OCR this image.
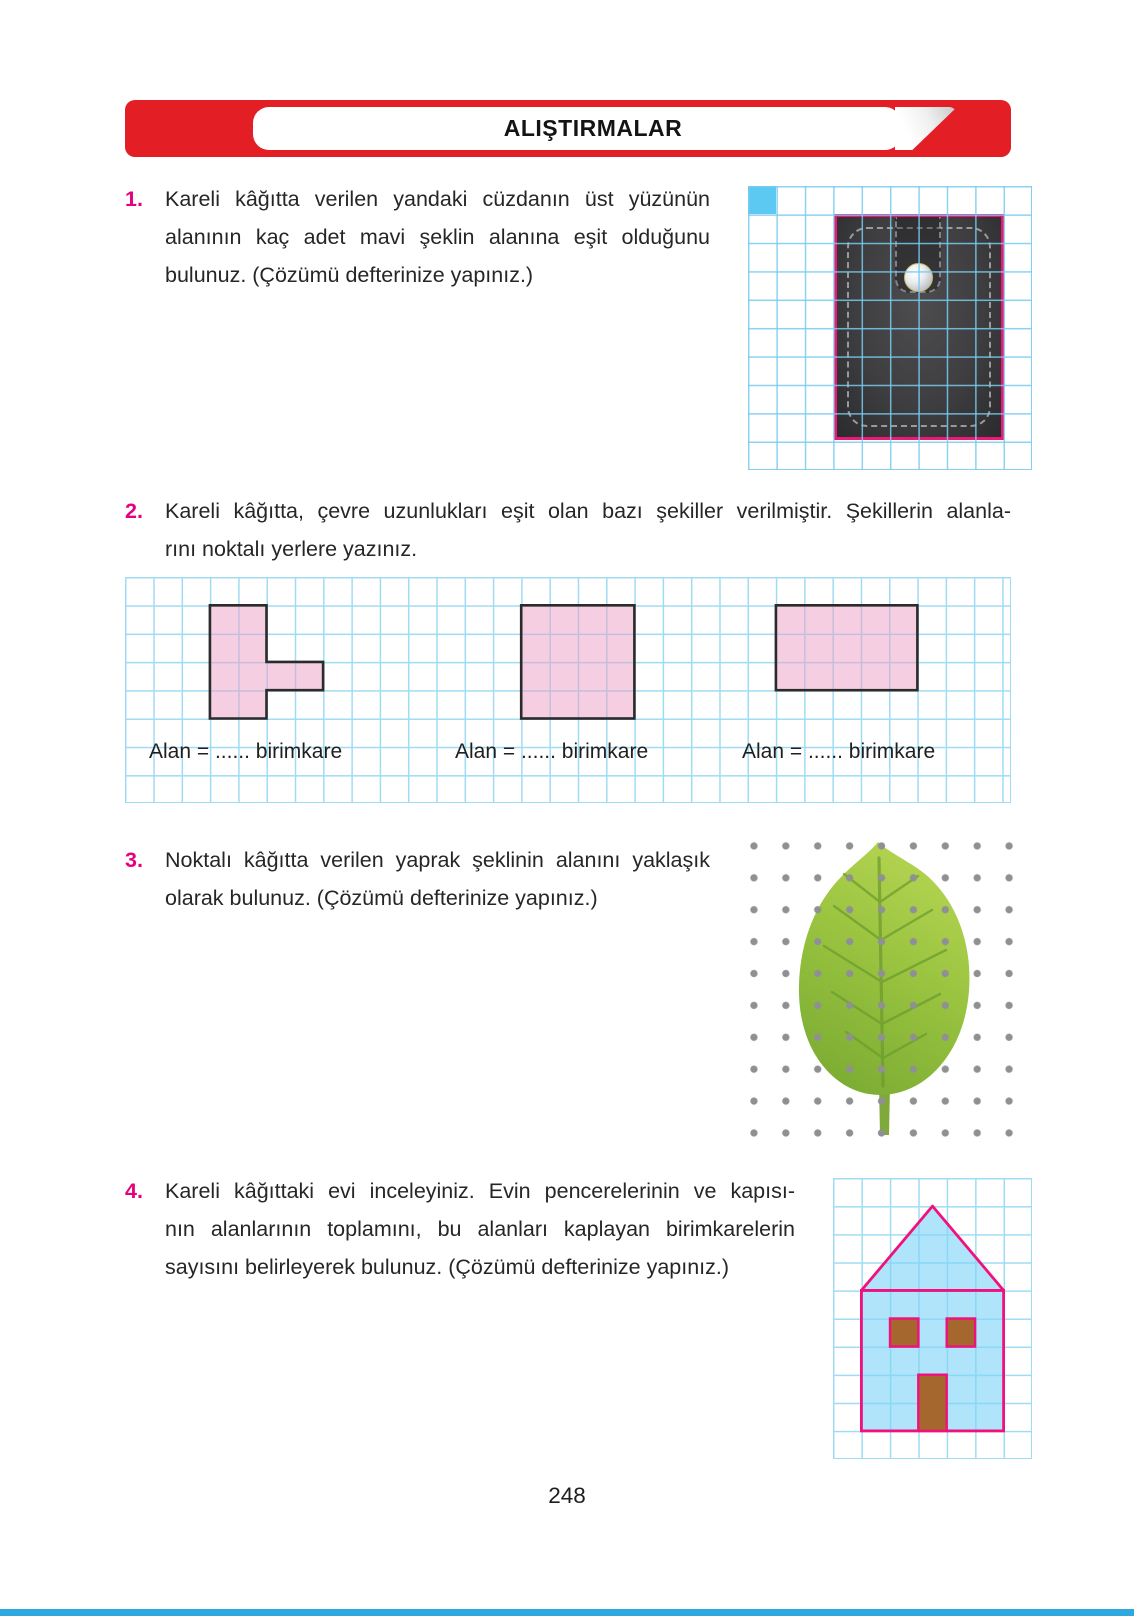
ALIŞTIRMALAR
1. Kareli kâğıtta verilen yandaki cüzdanın üst yüzünün
alanının kaç adet mavi şeklin alanına eşit olduğunu
bulunuz. (Çözümü defterinize yapınız.)
2. Kareli kâğıtta, çevre uzunlukları eşit olan bazı şekiller verilmiştir. Şekillerin alanla-
rını noktalı yerlere yazınız.
Alan = ...... birimkare	Alan = ...... birimkare	Alan = ...... birimkare
3. Noktalı kâğıtta verilen yaprak şeklinin alanını yaklaşık
olarak bulunuz. (Çözümü defterinize yapınız.)
4. Kareli kâğıttaki evi inceleyiniz. Evin pencerelerinin ve kapısı-
nın alanlarının toplamını, bu alanları kaplayan birimkarelerin
sayısını belirleyerek bulunuz. (Çözümü defterinize yapınız.)
248
